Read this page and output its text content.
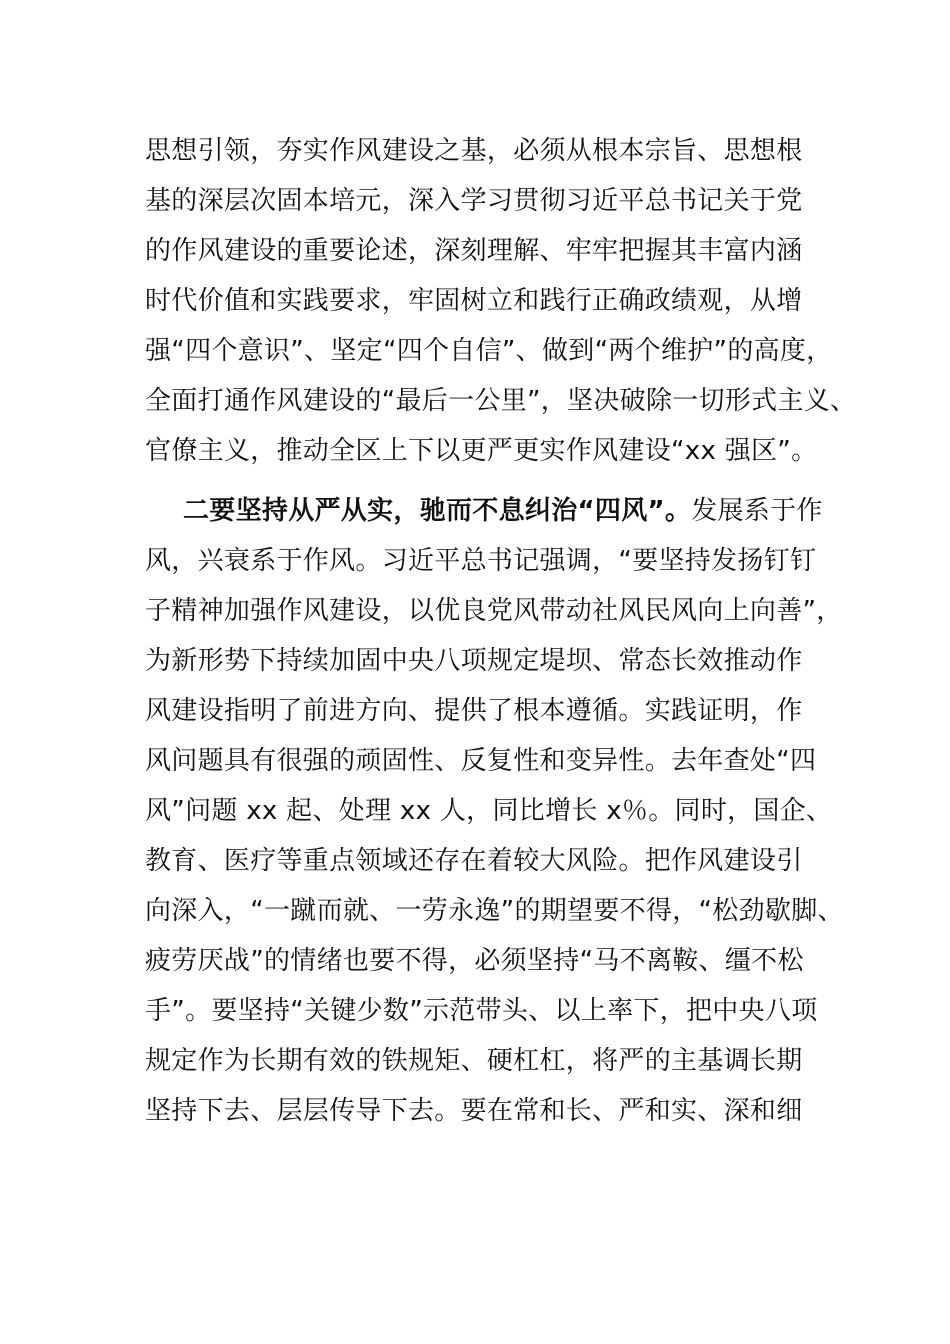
思想引领，夯实作风建设之基，必须从根本宗旨、思想根
基的深层次固本培元，深入学习贯彻习近平总书记关于党
的作风建设的重要论述，深刻理解、牢牢把握其丰富内涵
时代价值和实践要求，牢固树立和践行正确政绩观，从增
强“四个意识”、坚定“四个自信”、做到“两个维护”的高度，
全面打通作风建设的“最后一公里”，坚决破除一切形式主义、
官僚主义，推动全区上下以更严更实作风建设“xx 强区”。
二要坚持从严从实，驰而不息纠治“四风”。发展系于作
风，兴衰系于作风。习近平总书记强调，“要坚持发扬钉钉
子精神加强作风建设，以优良党风带动社风民风向上向善”，
为新形势下持续加固中央八项规定堤坝、常态长效推动作
风建设指明了前进方向、提供了根本遵循。实践证明，作
风问题具有很强的顽固性、反复性和变异性。去年查处“四
风”问题 xx 起、处理 xx 人，同比增长 x％。同时，国企、
教育、医疗等重点领域还存在着较大风险。把作风建设引
向深入，“一蹴而就、一劳永逸”的期望要不得，“松劲歇脚、
疲劳厌战”的情绪也要不得，必须坚持“马不离鞍、缰不松
手”。要坚持“关键少数”示范带头、以上率下，把中央八项
规定作为长期有效的铁规矩、硬杠杠，将严的主基调长期
坚持下去、层层传导下去。要在常和长、严和实、深和细
